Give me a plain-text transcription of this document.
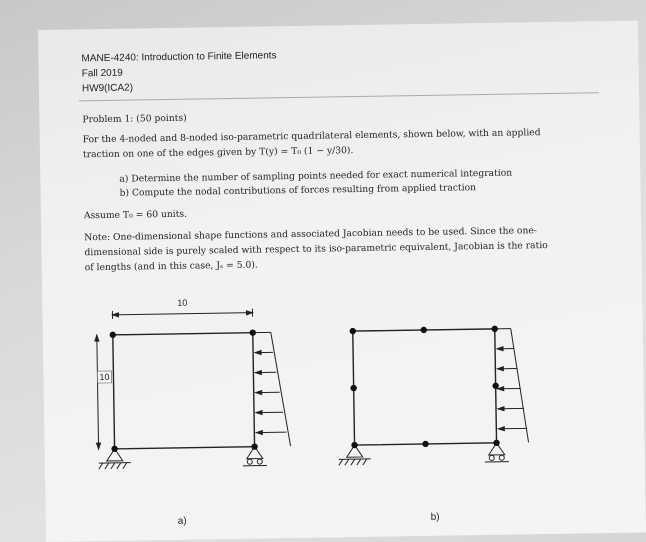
MANE-4240: Introduction to Finite Elements
Fall 2019
HW9(ICA2)
Problem 1: (50 points)
For the 4-noded and 8-noded iso-parametric quadrilateral elements, shown below, with an applied
traction on one of the edges given by T(y) = T₀ (1 − y/30).
a) Determine the number of sampling points needed for exact numerical integration
b) Compute the nodal contributions of forces resulting from applied traction
Assume T₀ = 60 units.
Note: One-dimensional shape functions and associated Jacobian needs to be used. Since the one-
dimensional side is purely scaled with respect to its iso-parametric equivalent, Jacobian is the ratio
of lengths (and in this case, Jₛ = 5.0).
10
10
a)	b)
